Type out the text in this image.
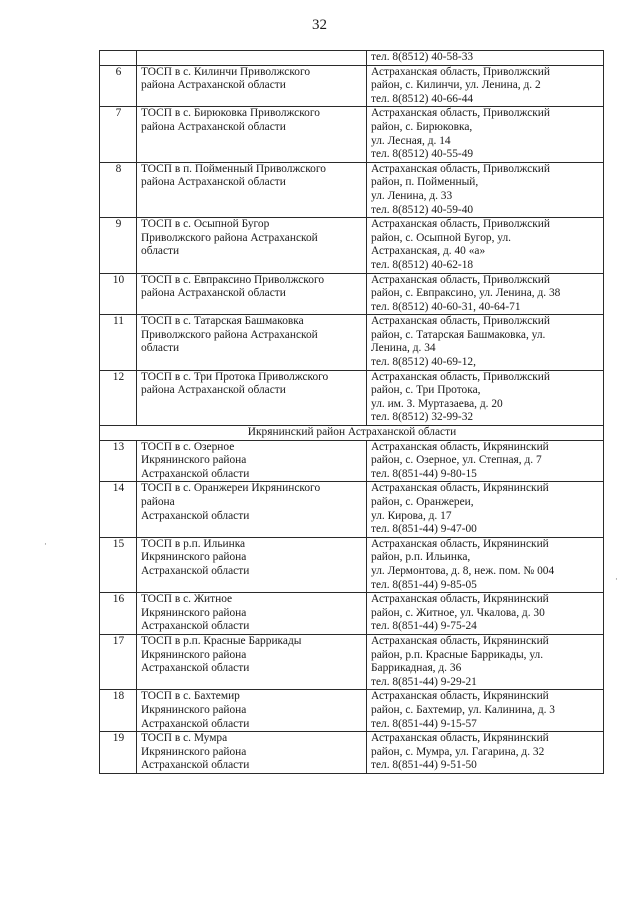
32
·
·

		тел. 8(8512) 40-58-33

6	ТОСП в с. Килинчи Приволжского
района Астраханской области	Астраханская область, Приволжский
район, с. Килинчи, ул. Ленина, д. 2
тел. 8(8512) 40-66-44

7	ТОСП в с. Бирюковка Приволжского
района Астраханской области	Астраханская область, Приволжский
район, с. Бирюковка,
ул. Лесная, д. 14
тел. 8(8512) 40-55-49

8	ТОСП в п. Пойменный Приволжского
района Астраханской области	Астраханская область, Приволжский
район, п. Пойменный,
ул. Ленина, д. 33
тел. 8(8512) 40-59-40

9	ТОСП в с. Осыпной Бугор
Приволжского района Астраханской
области	Астраханская область, Приволжский
район, с. Осыпной Бугор, ул.
Астраханская, д. 40 «а»
тел. 8(8512) 40-62-18

10	ТОСП в с. Евпраксино Приволжского
района Астраханской области	Астраханская область, Приволжский
район, с. Евпраксино, ул. Ленина, д. 38
тел. 8(8512) 40-60-31, 40-64-71

11	ТОСП в с. Татарская Башмаковка
Приволжского района Астраханской
области	Астраханская область, Приволжский
район, с. Татарская Башмаковка, ул.
Ленина, д. 34
тел. 8(8512) 40-69-12,

12	ТОСП в с. Три Протока Приволжского
района Астраханской области	Астраханская область, Приволжский
район, с. Три Протока,
ул. им. З. Муртазаева, д. 20
тел. 8(8512) 32-99-32

Икрянинский район Астраханской области		
13	ТОСП в с. Озерное
Икрянинского района
Астраханской области	Астраханская область, Икрянинский
район, с. Озерное, ул. Степная, д. 7
тел. 8(851-44) 9-80-15

14	ТОСП в с. Оранжереи Икрянинского
района
Астраханской области	Астраханская область, Икрянинский
район, с. Оранжереи,
ул. Кирова, д. 17
тел. 8(851-44) 9-47-00

15	ТОСП в р.п. Ильинка
Икрянинского района
Астраханской области	Астраханская область, Икрянинский
район, р.п. Ильинка,
ул. Лермонтова, д. 8, неж. пом. № 004
тел. 8(851-44) 9-85-05

16	ТОСП в с. Житное
Икрянинского района
Астраханской области	Астраханская область, Икрянинский
район, с. Житное, ул. Чкалова, д. 30
тел. 8(851-44) 9-75-24

17	ТОСП в р.п. Красные Баррикады
Икрянинского района
Астраханской области	Астраханская область, Икрянинский
район, р.п. Красные Баррикады, ул.
Баррикадная, д. 36
тел. 8(851-44) 9-29-21

18	ТОСП в с. Бахтемир
Икрянинского района
Астраханской области	Астраханская область, Икрянинский
район, с. Бахтемир, ул. Калинина, д. 3
тел. 8(851-44) 9-15-57

19	ТОСП в с. Мумра
Икрянинского района
Астраханской области	Астраханская область, Икрянинский
район, с. Мумра, ул. Гагарина, д. 32
тел. 8(851-44) 9-51-50
